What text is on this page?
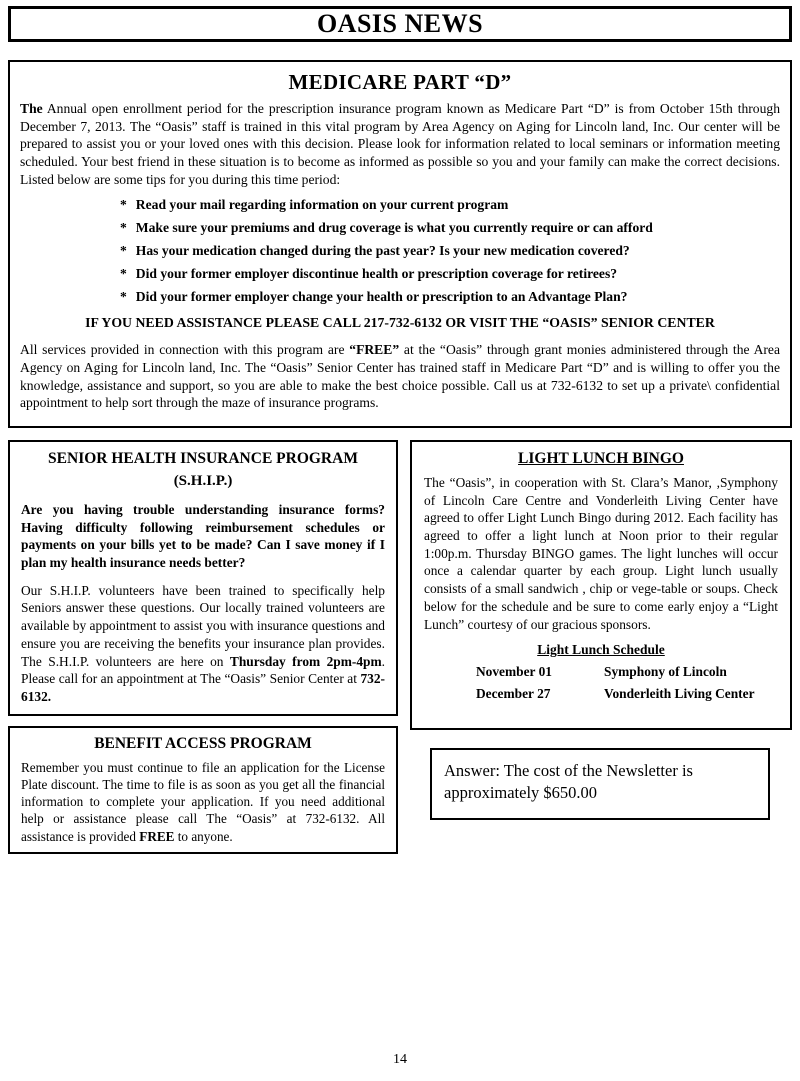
OASIS NEWS
MEDICARE PART “D”

The Annual open enrollment period for the prescription insurance program known as Medicare Part “D” is from October 15th through December 7, 2013. The “Oasis” staff is trained in this vital program by Area Agency on Aging for Lincoln land, Inc. Our center will be prepared to assist you or your loved ones with this decision. Please look for information related to local seminars or information meeting scheduled. Your best friend in these situation is to become as informed as possible so you and your family can make the correct decisions. Listed below are some tips for you during this time period:

* Read your mail regarding information on your current program
* Make sure your premiums and drug coverage is what you currently require or can afford
* Has your medication changed during the past year? Is your new medication covered?
* Did your former employer discontinue health or prescription coverage for retirees?
* Did your former employer change your health or prescription to an Advantage Plan?

IF YOU NEED ASSISTANCE PLEASE CALL 217-732-6132 OR VISIT THE “OASIS” SENIOR CENTER

All services provided in connection with this program are “FREE” at the “Oasis” through grant monies administered through the Area Agency on Aging for Lincoln land, Inc. The “Oasis” Senior Center has trained staff in Medicare Part “D” and is willing to offer you the knowledge, assistance and support, so you are able to make the best choice possible. Call us at 732-6132 to set up a private\ confidential appointment to help sort through the maze of insurance programs.

SENIOR HEALTH INSURANCE PROGRAM
(S.H.I.P.)

Are you having trouble understanding insurance forms? Having difficulty following reimbursement schedules or payments on your bills yet to be made? Can I save money if I plan my health insurance needs better?

Our S.H.I.P. volunteers have been trained to specifically help Seniors answer these questions. Our locally trained volunteers are available by appointment to assist you with insurance questions and ensure you are receiving the benefits your insurance plan provides. The S.H.I.P. volunteers are here on Thursday from 2pm-4pm. Please call for an appointment at The “Oasis” Senior Center at 732-6132.

LIGHT LUNCH BINGO

The “Oasis”, in cooperation with St. Clara’s Manor, ,Symphony of Lincoln Care Centre and Vonderleith Living Center have agreed to offer Light Lunch Bingo during 2012. Each facility has agreed to offer a light lunch at Noon prior to their regular 1:00p.m. Thursday BINGO games. The light lunches will occur once a calendar quarter by each group. Light lunch usually consists of a small sandwich , chip or vege-table or soups. Check below for the schedule and be sure to come early enjoy a “Light Lunch” courtesy of our gracious sponsors.

Light Lunch Schedule
November 01	Symphony of Lincoln
December 27	Vonderleith Living Center
BENEFIT ACCESS PROGRAM

Remember you must continue to file an application for the License Plate discount. The time to file is as soon as you get all the financial information to complete your application. If you need additional help or assistance please call The “Oasis” at 732-6132. All assistance is provided FREE to anyone.

Answer: The cost of the Newsletter is approximately $650.00

14
